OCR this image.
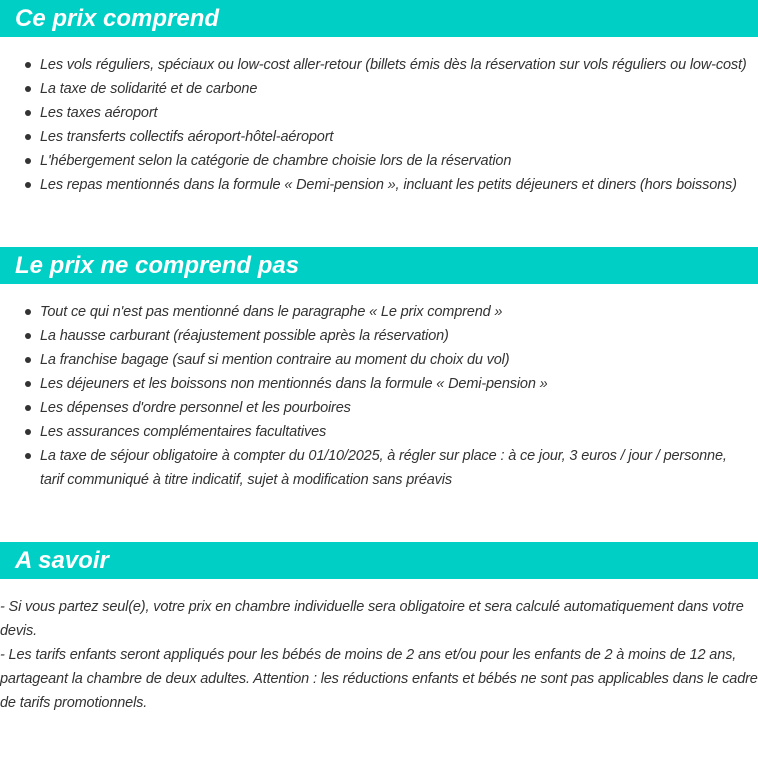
Ce prix comprend
Les vols réguliers, spéciaux ou low-cost aller-retour (billets émis dès la réservation sur vols réguliers ou low-cost)
La taxe de solidarité et de carbone
Les taxes aéroport
Les transferts collectifs aéroport-hôtel-aéroport
L'hébergement selon la catégorie de chambre choisie lors de la réservation
Les repas mentionnés dans la formule « Demi-pension », incluant les petits déjeuners et diners (hors boissons)
Le prix ne comprend pas
Tout ce qui n'est pas mentionné dans le paragraphe « Le prix comprend »
La hausse carburant (réajustement possible après la réservation)
La franchise bagage (sauf si mention contraire au moment du choix du vol)
Les déjeuners et les boissons non mentionnés dans la formule « Demi-pension »
Les dépenses d'ordre personnel et les pourboires
Les assurances complémentaires facultatives
La taxe de séjour obligatoire à compter du 01/10/2025, à régler sur place : à ce jour, 3 euros / jour / personne, tarif communiqué à titre indicatif, sujet à modification sans préavis
A savoir

- Si vous partez seul(e), votre prix en chambre individuelle sera obligatoire et sera calculé automatiquement dans votre devis.

- Les tarifs enfants seront appliqués pour les bébés de moins de 2 ans et/ou pour les enfants de 2 à moins de 12 ans, partageant la chambre de deux adultes. Attention : les réductions enfants et bébés ne sont pas applicables dans le cadre de tarifs promotionnels.
